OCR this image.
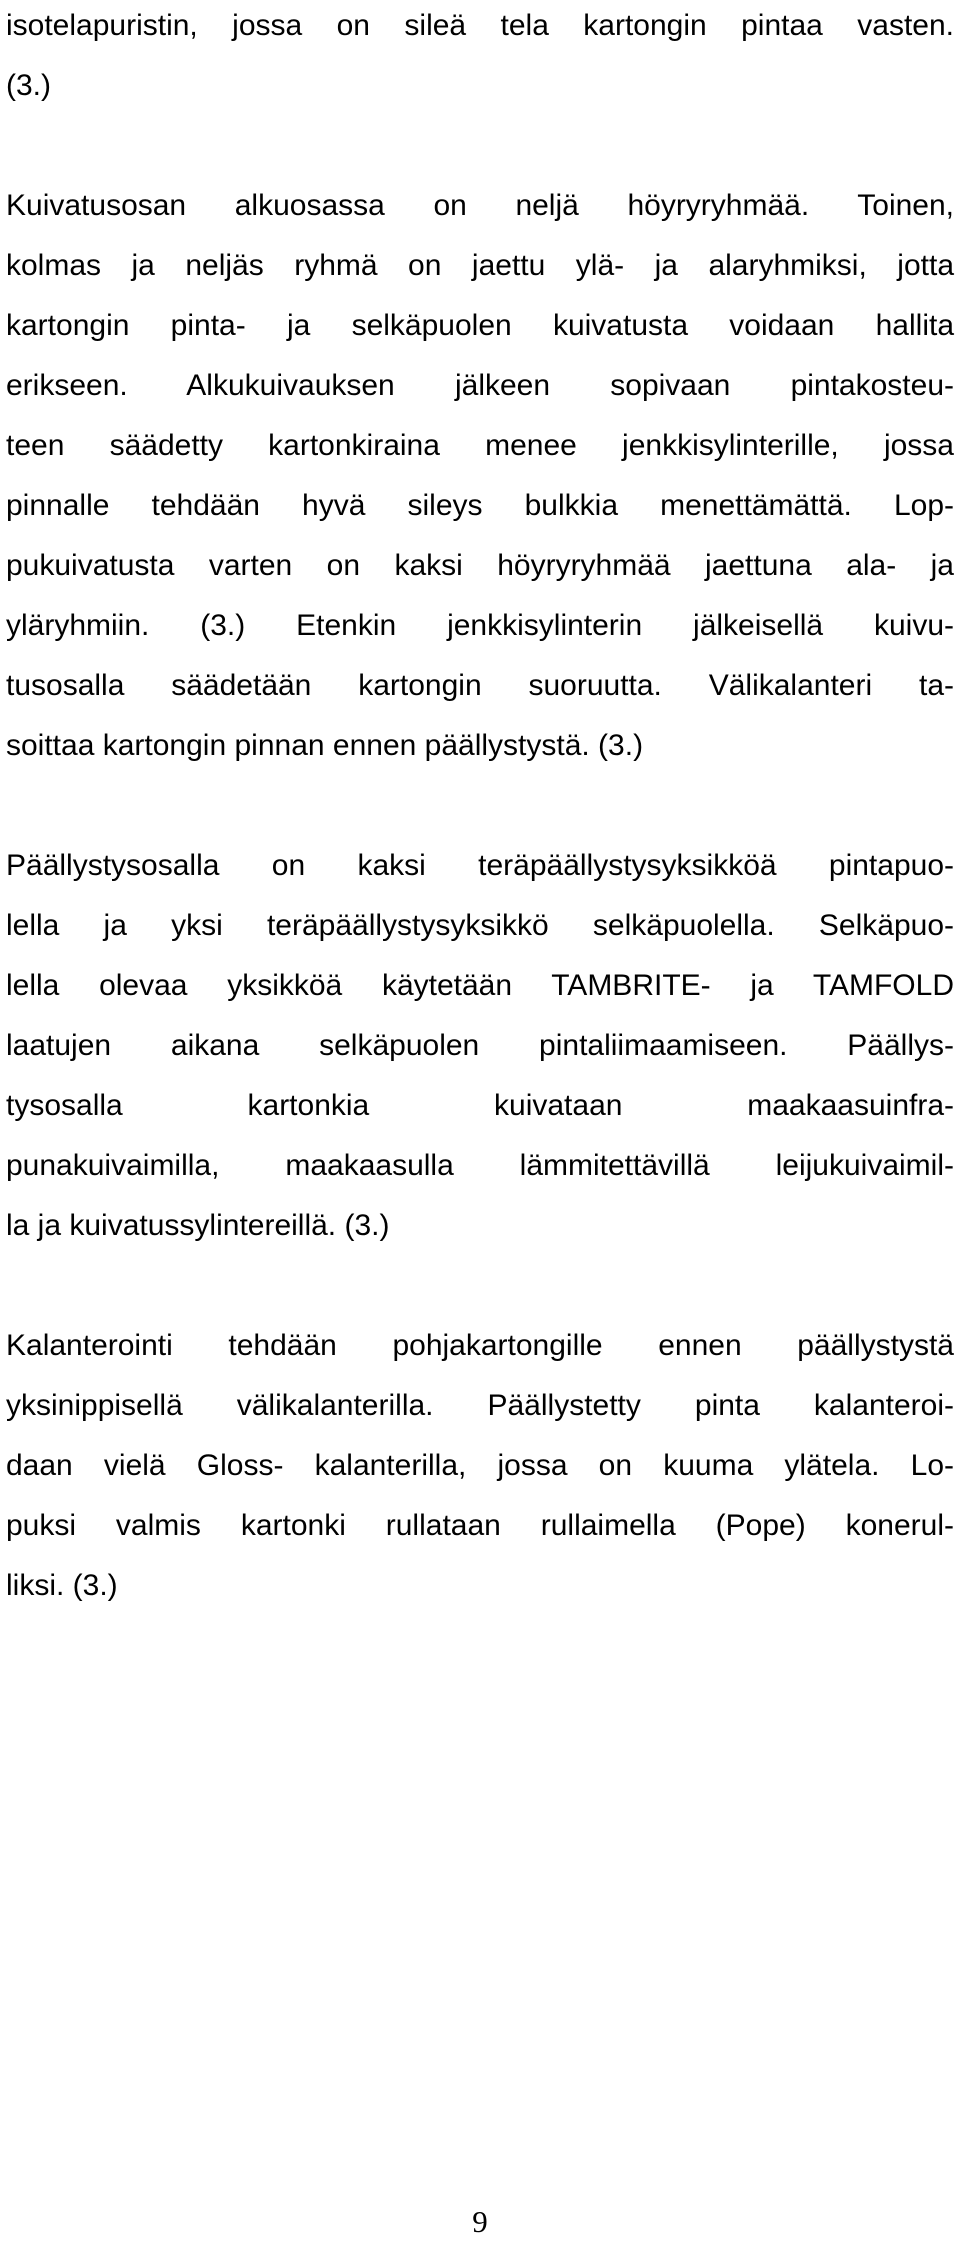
isotelapuristin, jossa on sileä tela kartongin pintaa vasten.
(3.)
Kuivatusosan alkuosassa on neljä höyryryhmää. Toinen,
kolmas ja neljäs ryhmä on jaettu ylä- ja alaryhmiksi, jotta
kartongin pinta- ja selkäpuolen kuivatusta voidaan hallita
erikseen. Alkukuivauksen jälkeen sopivaan pintakosteu-
teen säädetty kartonkiraina menee jenkkisylinterille, jossa
pinnalle tehdään hyvä sileys bulkkia menettämättä. Lop-
pukuivatusta varten on kaksi höyryryhmää jaettuna ala- ja
yläryhmiin. (3.) Etenkin jenkkisylinterin jälkeisellä kuivu-
tusosalla säädetään kartongin suoruutta. Välikalanteri ta-
soittaa kartongin pinnan ennen päällystystä. (3.)
Päällystysosalla on kaksi teräpäällystysyksikköä pintapuo-
lella ja yksi teräpäällystysyksikkö selkäpuolella. Selkäpuo-
lella olevaa yksikköä käytetään TAMBRITE- ja TAMFOLD
laatujen aikana selkäpuolen pintaliimaamiseen. Päällys-
tysosalla kartonkia kuivataan maakaasuinfra-
punakuivaimilla, maakaasulla lämmitettävillä leijukuivaimil-
la ja kuivatussylintereillä. (3.)
Kalanterointi tehdään pohjakartongille ennen päällystystä
yksinippisellä välikalanterilla. Päällystetty pinta kalanteroi-
daan vielä Gloss- kalanterilla, jossa on kuuma ylätela. Lo-
puksi valmis kartonki rullataan rullaimella (Pope) konerul-
liksi. (3.)
9
